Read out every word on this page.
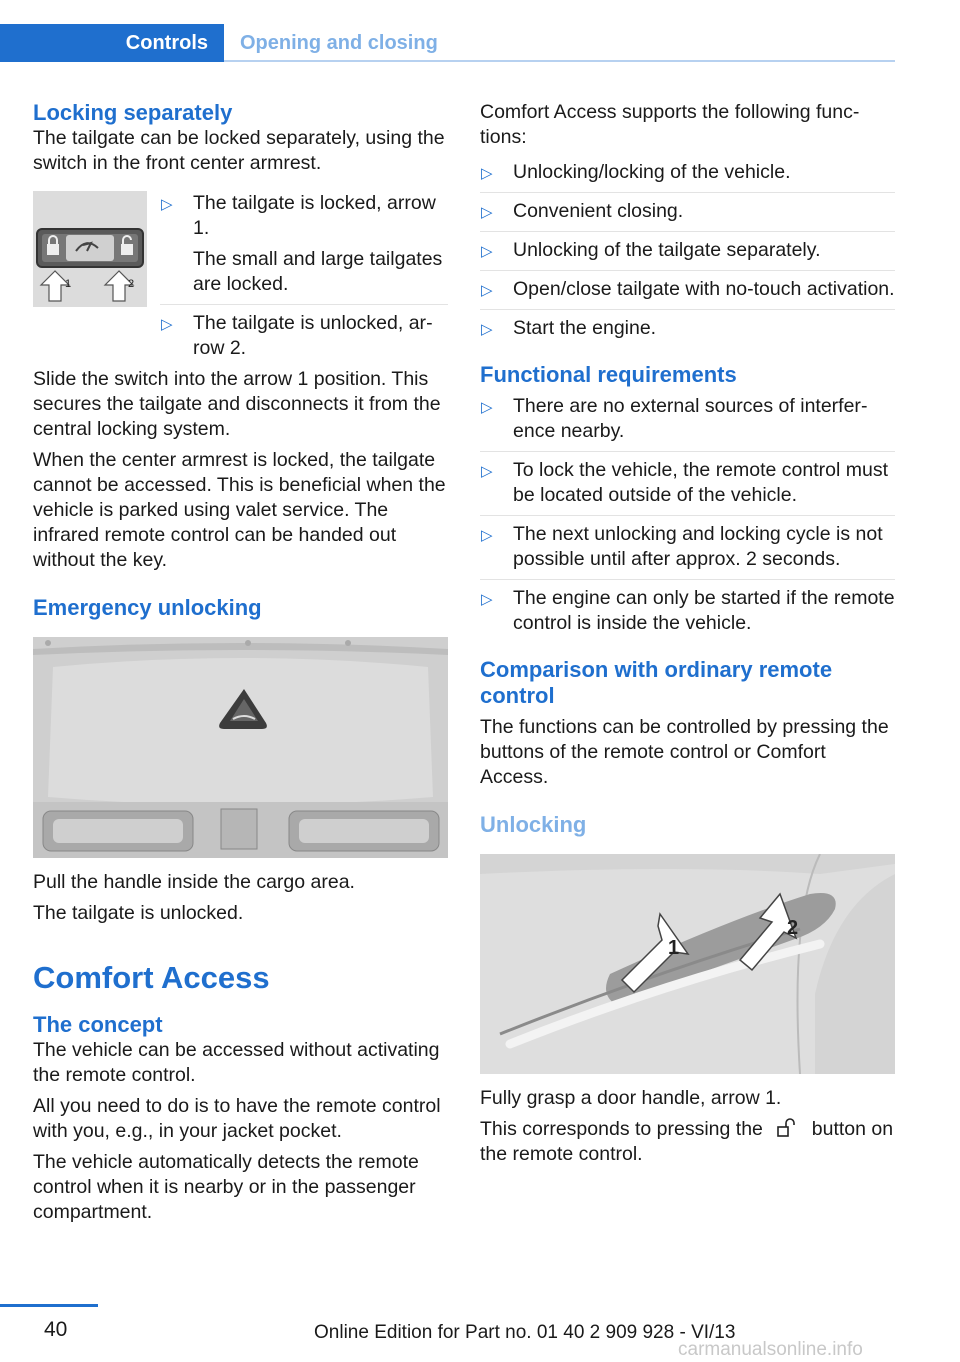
Controls	Opening and closing
Locking separately

The tailgate can be locked separately, using the switch in the front center armrest.

1	2
▷ The tailgate is locked, arrow 1.
The small and large tailgates are locked.
▷ The tailgate is unlocked, arrow 2.

Slide the switch into the arrow 1 position. This secures the tailgate and disconnects it from the central locking system.

When the center armrest is locked, the tailgate cannot be accessed. This is beneficial when the vehicle is parked using valet service. The infrared remote control can be handed out without the key.

Emergency unlocking

Pull the handle inside the cargo area.

The tailgate is unlocked.

Comfort Access
The concept

The vehicle can be accessed without activating the remote control.

All you need to do is to have the remote control with you, e.g., in your jacket pocket.

The vehicle automatically detects the remote control when it is nearby or in the passenger compartment.

Comfort Access supports the following functions:

▷ Unlocking/locking of the vehicle.
▷ Convenient closing.
▷ Unlocking of the tailgate separately.
▷ Open/close tailgate with no-touch activation.
▷ Start the engine.
Functional requirements
▷ There are no external sources of interference nearby.
▷ To lock the vehicle, the remote control must be located outside of the vehicle.
▷ The next unlocking and locking cycle is not possible until after approx. 2 seconds.
▷ The engine can only be started if the remote control is inside the vehicle.
Comparison with ordinary remote control

The functions can be controlled by pressing the buttons of the remote control or Comfort Access.

Unlocking
1
2

Fully grasp a door handle, arrow 1.

This corresponds to pressing the	button on the remote control.

40	Online Edition for Part no. 01 40 2 909 928 - VI/13
carmanualsonline.info
